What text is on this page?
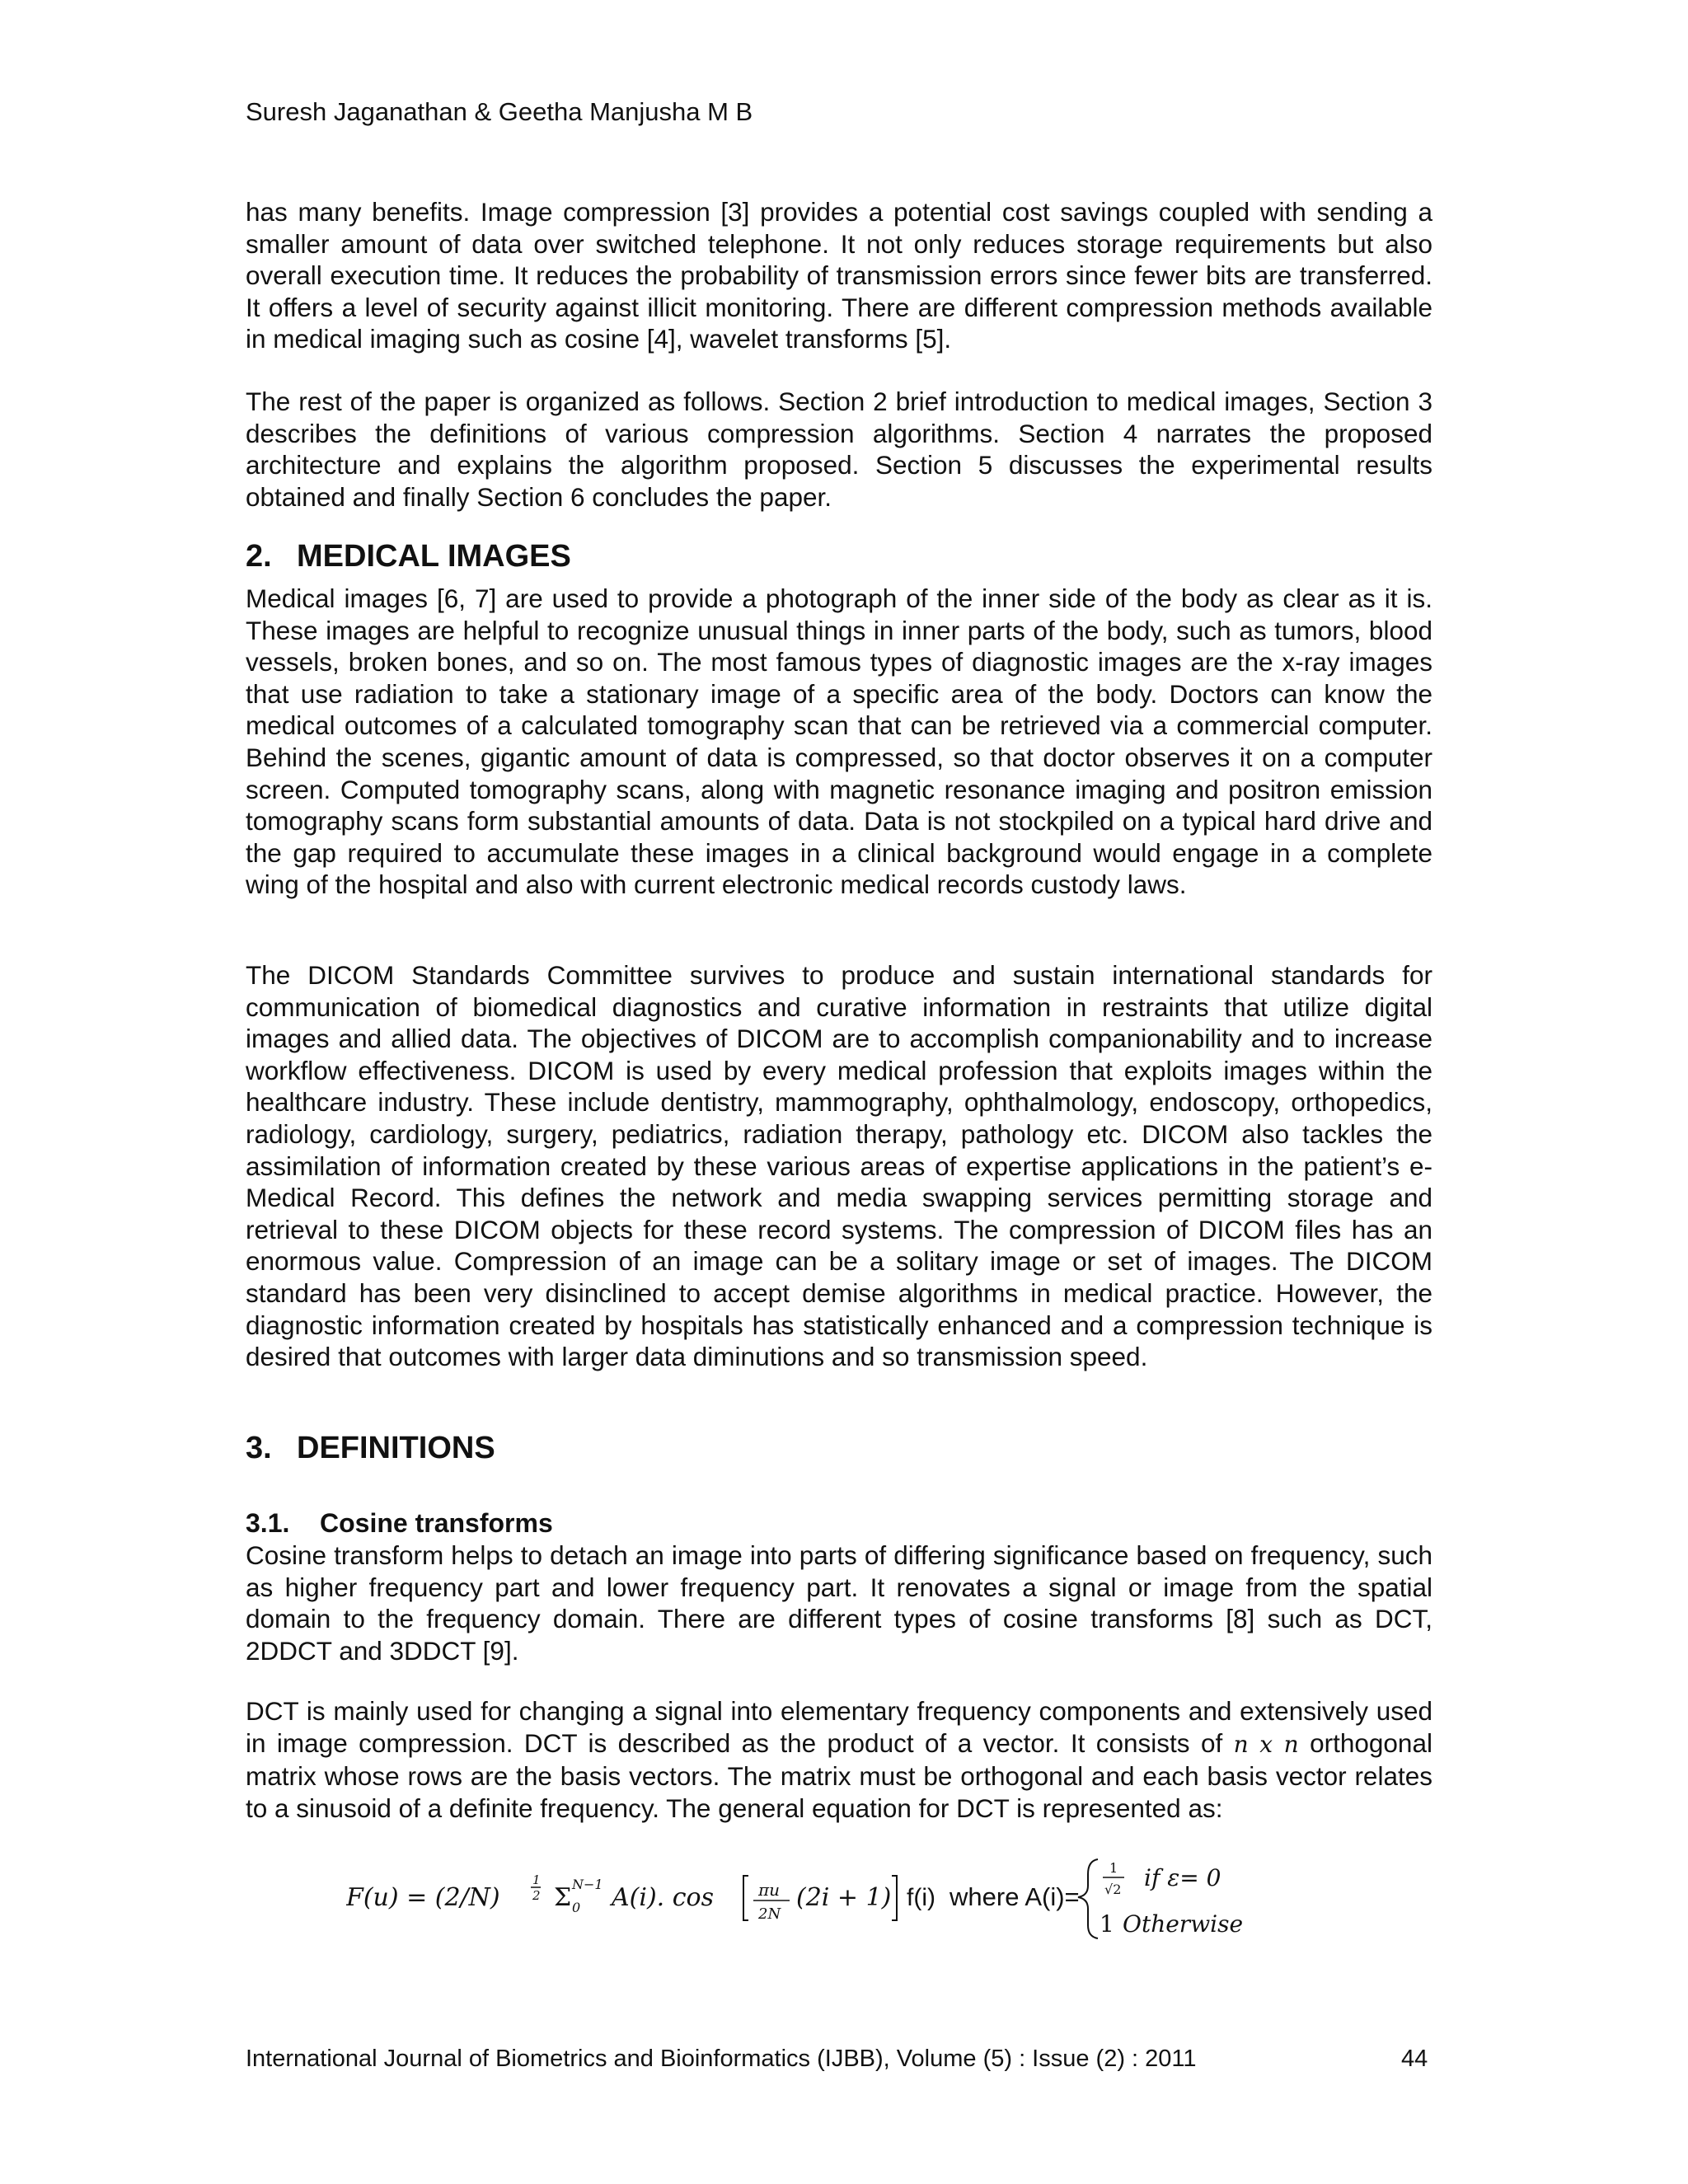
Suresh Jaganathan & Geetha Manjusha M B

has many benefits. Image compression [3] provides a potential cost savings coupled with sending a smaller amount of data over switched telephone. It not only reduces storage requirements but also overall execution time. It reduces the probability of transmission errors since fewer bits are transferred. It offers a level of security against illicit monitoring. There are different compression methods available in medical imaging such as cosine [4], wavelet transforms [5].

The rest of the paper is organized as follows. Section 2 brief introduction to medical images, Section 3 describes the definitions of various compression algorithms. Section 4 narrates the proposed architecture and explains the algorithm proposed. Section 5 discusses the experimental results obtained and finally Section 6 concludes the paper.

2. MEDICAL IMAGES

Medical images [6, 7] are used to provide a photograph of the inner side of the body as clear as it is. These images are helpful to recognize unusual things in inner parts of the body, such as tumors, blood vessels, broken bones, and so on. The most famous types of diagnostic images are the x-ray images that use radiation to take a stationary image of a specific area of the body. Doctors can know the medical outcomes of a calculated tomography scan that can be retrieved via a commercial computer. Behind the scenes, gigantic amount of data is compressed, so that doctor observes it on a computer screen. Computed tomography scans, along with magnetic resonance imaging and positron emission tomography scans form substantial amounts of data. Data is not stockpiled on a typical hard drive and the gap required to accumulate these images in a clinical background would engage in a complete wing of the hospital and also with current electronic medical records custody laws.

The DICOM Standards Committee survives to produce and sustain international standards for communication of biomedical diagnostics and curative information in restraints that utilize digital images and allied data. The objectives of DICOM are to accomplish companionability and to increase workflow effectiveness. DICOM is used by every medical profession that exploits images within the healthcare industry. These include dentistry, mammography, ophthalmology, endoscopy, orthopedics, radiology, cardiology, surgery, pediatrics, radiation therapy, pathology etc. DICOM also tackles the assimilation of information created by these various areas of expertise applications in the patient’s e-Medical Record. This defines the network and media swapping services permitting storage and retrieval to these DICOM objects for these record systems. The compression of DICOM files has an enormous value. Compression of an image can be a solitary image or set of images. The DICOM standard has been very disinclined to accept demise algorithms in medical practice. However, the diagnostic information created by hospitals has statistically enhanced and a compression technique is desired that outcomes with larger data diminutions and so transmission speed.

3. DEFINITIONS
3.1. Cosine transforms

Cosine transform helps to detach an image into parts of differing significance based on frequency, such as higher frequency part and lower frequency part. It renovates a signal or image from the spatial domain to the frequency domain. There are different types of cosine transforms [8] such as DCT, 2DDCT and 3DDCT [9].

DCT is mainly used for changing a signal into elementary frequency components and extensively used in image compression. DCT is described as the product of a vector. It consists of n x n orthogonal matrix whose rows are the basis vectors. The matrix must be orthogonal and each basis vector relates to a sinusoid of a definite frequency. The general equation for DCT is represented as:

F(u) = (2/N)
1
2 Σ N−1
0 A(i). cos	πu
2N
(2i + 1) f(i) where A(i)=
1
√2 if ε= 0
1 Otherwise
International Journal of Biometrics and Bioinformatics (IJBB), Volume (5) : Issue (2) : 2011	44
